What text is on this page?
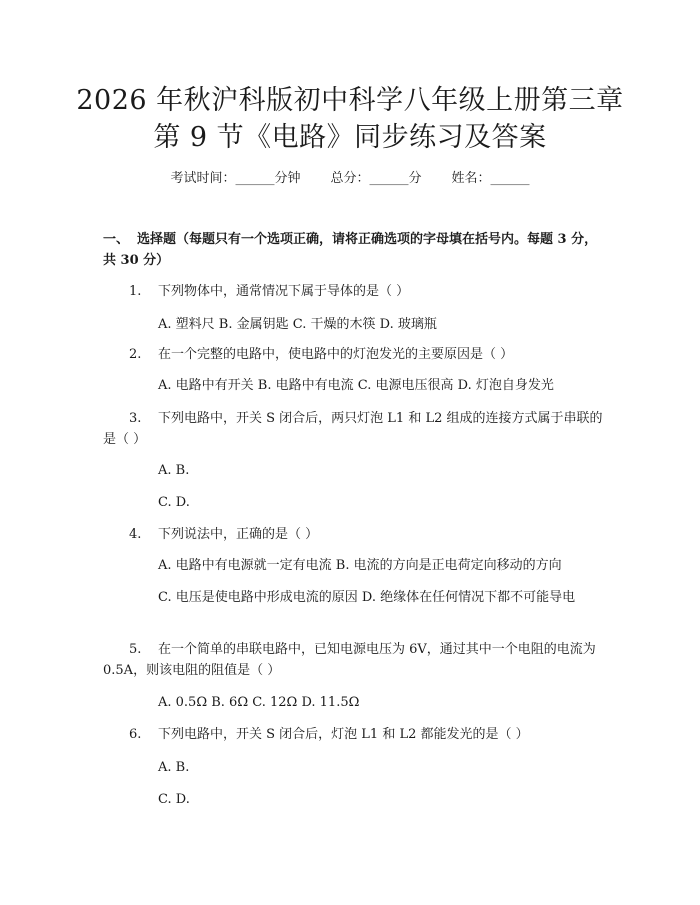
2026 年秋沪科版初中科学八年级上册第三章
第 9 节《电路》同步练习及答案
考试时间：______分钟 总分：______分 姓名：______
一、 选择题（每题只有一个选项正确，请将正确选项的字母填在括号内。每题 3 分，共 30 分）
1. 下列物体中，通常情况下属于导体的是（ ）
A. 塑料尺 B. 金属钥匙 C. 干燥的木筷 D. 玻璃瓶
2. 在一个完整的电路中，使电路中的灯泡发光的主要原因是（ ）
A. 电路中有开关 B. 电路中有电流 C. 电源电压很高 D. 灯泡自身发光
3. 下列电路中，开关 S 闭合后，两只灯泡 L1 和 L2 组成的连接方式属于串联的是（ ）
A. B.
C. D.
4. 下列说法中，正确的是（ ）
A. 电路中有电源就一定有电流 B. 电流的方向是正电荷定向移动的方向
C. 电压是使电路中形成电流的原因 D. 绝缘体在任何情况下都不可能导电
5. 在一个简单的串联电路中，已知电源电压为 6V，通过其中一个电阻的电流为 0.5A，则该电阻的阻值是（ ）
A. 0.5Ω B. 6Ω C. 12Ω D. 11.5Ω
6. 下列电路中，开关 S 闭合后，灯泡 L1 和 L2 都能发光的是（ ）
A. B.
C. D.
